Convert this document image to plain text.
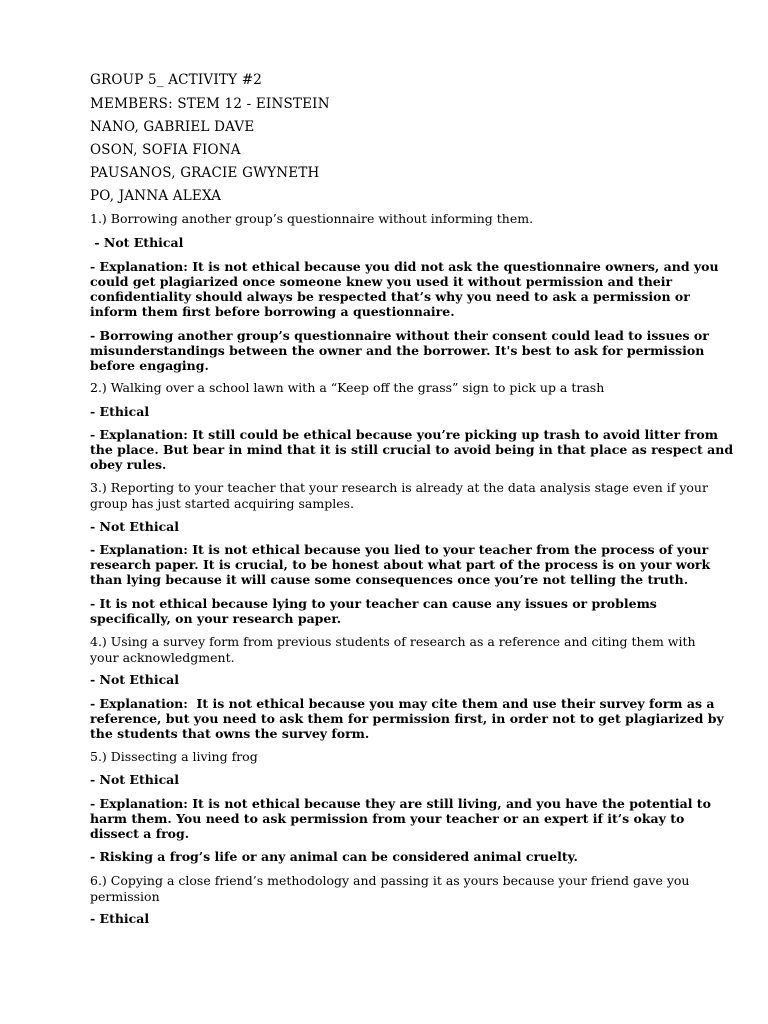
GROUP 5_ ACTIVITY #2
MEMBERS: STEM 12 - EINSTEIN
NANO, GABRIEL DAVE
OSON, SOFIA FIONA
PAUSANOS, GRACIE GWYNETH
PO, JANNA ALEXA
1.) Borrowing another group’s questionnaire without informing them.
- Not Ethical
- Explanation: It is not ethical because you did not ask the questionnaire owners, and you
could get plagiarized once someone knew you used it without permission and their
confidentiality should always be respected that’s why you need to ask a permission or
inform them first before borrowing a questionnaire.
- Borrowing another group’s questionnaire without their consent could lead to issues or
misunderstandings between the owner and the borrower. It's best to ask for permission
before engaging.
2.) Walking over a school lawn with a “Keep off the grass” sign to pick up a trash
- Ethical
- Explanation: It still could be ethical because you’re picking up trash to avoid litter from
the place. But bear in mind that it is still crucial to avoid being in that place as respect and
obey rules.
3.) Reporting to your teacher that your research is already at the data analysis stage even if your
group has just started acquiring samples.
- Not Ethical
- Explanation: It is not ethical because you lied to your teacher from the process of your
research paper. It is crucial, to be honest about what part of the process is on your work
than lying because it will cause some consequences once you’re not telling the truth.
- It is not ethical because lying to your teacher can cause any issues or problems
specifically, on your research paper.
4.) Using a survey form from previous students of research as a reference and citing them with
your acknowledgment.
- Not Ethical
- Explanation:  It is not ethical because you may cite them and use their survey form as a
reference, but you need to ask them for permission first, in order not to get plagiarized by
the students that owns the survey form.
5.) Dissecting a living frog
- Not Ethical
- Explanation: It is not ethical because they are still living, and you have the potential to
harm them. You need to ask permission from your teacher or an expert if it’s okay to
dissect a frog.
- Risking a frog’s life or any animal can be considered animal cruelty.
6.) Copying a close friend’s methodology and passing it as yours because your friend gave you
permission
- Ethical
